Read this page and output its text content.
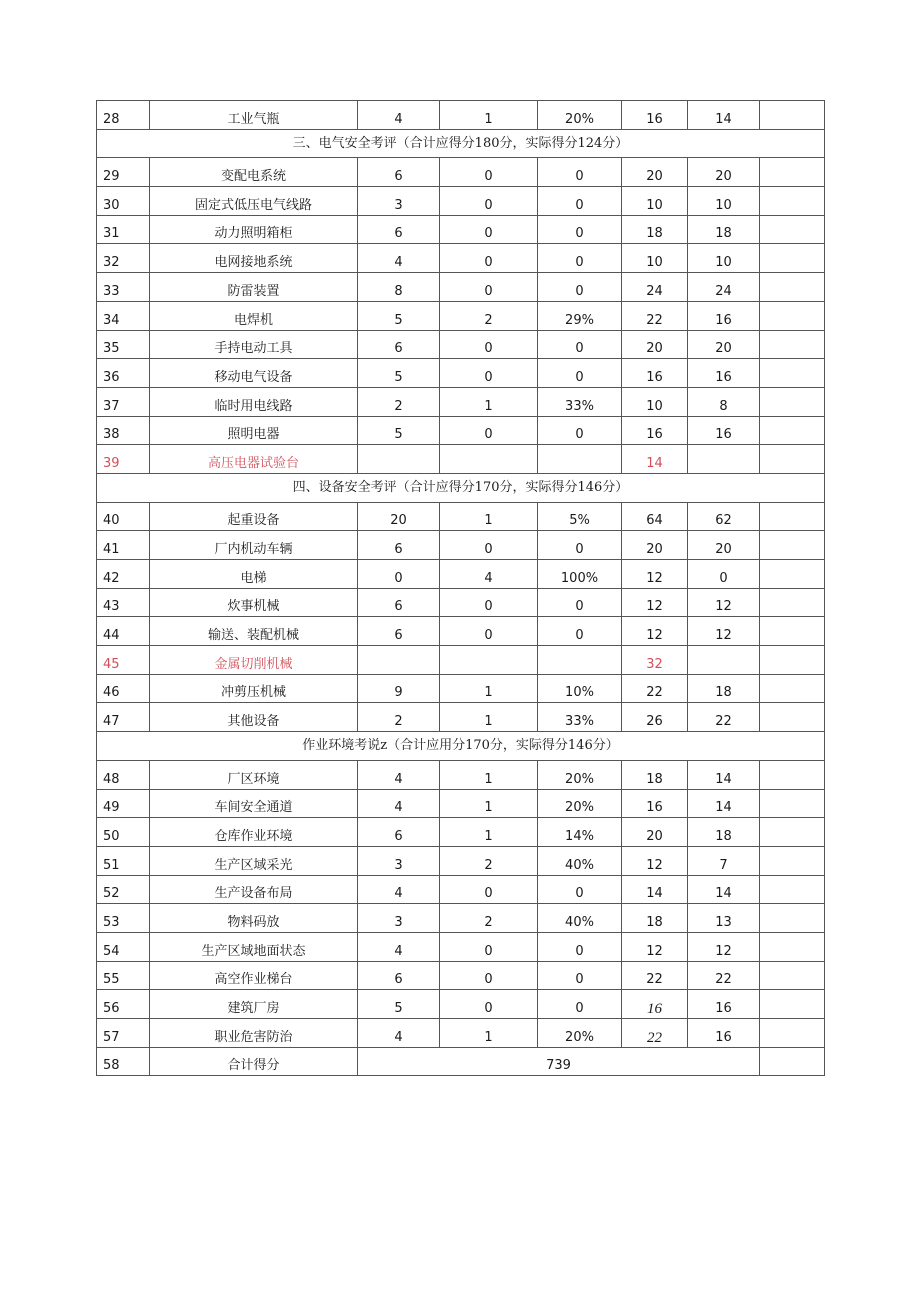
28	工业气瓶	4	1	20%	16	14	
三、电气安全考评（合计应得分180分，实际得分124分）							
29	变配电系统	6	0	0	20	20	
30	固定式低压电气线路	3	0	0	10	10	
31	动力照明箱柜	6	0	0	18	18	
32	电网接地系统	4	0	0	10	10	
33	防雷装置	8	0	0	24	24	
34	电焊机	5	2	29%	22	16	
35	手持电动工具	6	0	0	20	20	
36	移动电气设备	5	0	0	16	16	
37	临时用电线路	2	1	33%	10	8	
38	照明电器	5	0	0	16	16	
39	高压电器试验台				14		
四、设备安全考评（合计应得分170分，实际得分146分）							
40	起重设备	20	1	5%	64	62	
41	厂内机动车辆	6	0	0	20	20	
42	电梯	0	4	100%	12	0	
43	炊事机械	6	0	0	12	12	
44	输送、装配机械	6	0	0	12	12	
45	金属切削机械				32		
46	冲剪压机械	9	1	10%	22	18	
47	其他设备	2	1	33%	26	22	
作业环境考说z（合计应用分170分，实际得分146分）							
48	厂区环境	4	1	20%	18	14	
49	车间安全通道	4	1	20%	16	14	
50	仓库作业环境	6	1	14%	20	18	
51	生产区域采光	3	2	40%	12	7	
52	生产设备布局	4	0	0	14	14	
53	物料码放	3	2	40%	18	13	
54	生产区域地面状态	4	0	0	12	12	
55	高空作业梯台	6	0	0	22	22	
56	建筑厂房	5	0	0	16	16	
57	职业危害防治	4	1	20%	22	16	
58	合计得分	739					
